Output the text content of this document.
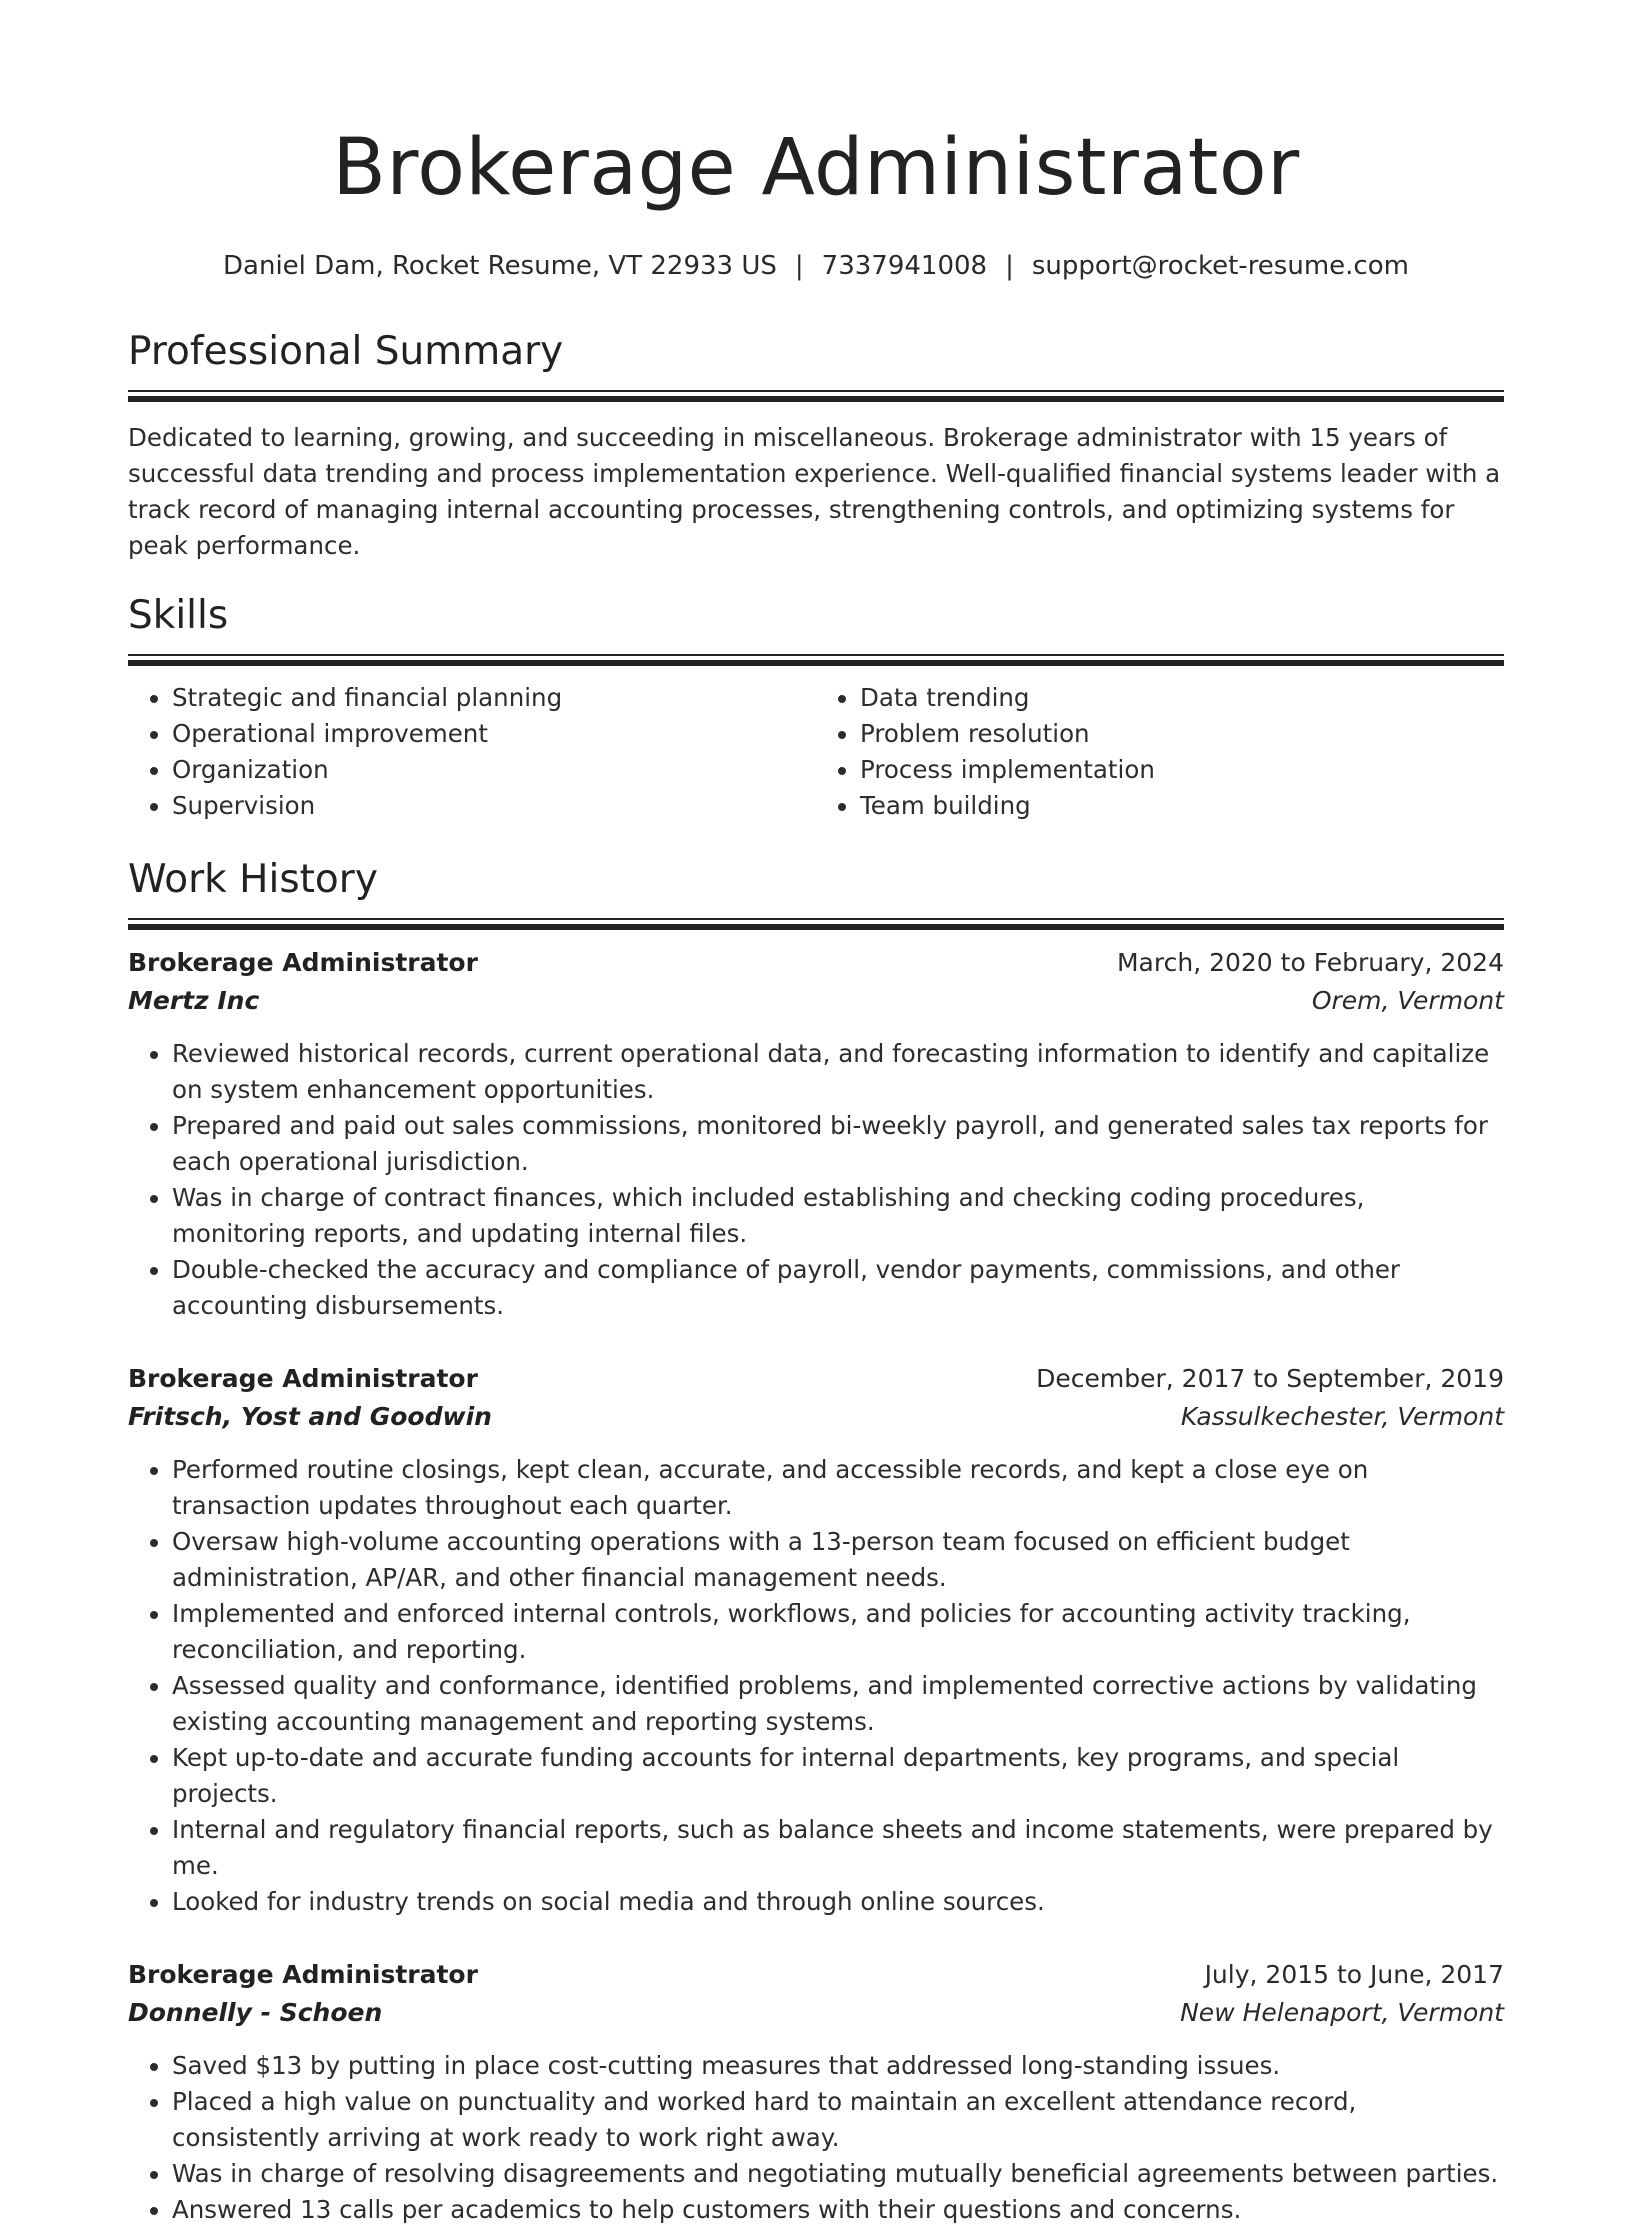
Brokerage Administrator
Daniel Dam, Rocket Resume, VT 22933 US | 7337941008 | support@rocket-resume.com
Professional Summary

Dedicated to learning, growing, and succeeding in miscellaneous. Brokerage administrator with 15 years of successful data trending and process implementation experience. Well-qualified financial systems leader with a track record of managing internal accounting processes, strengthening controls, and optimizing systems for peak performance.

Skills
• Strategic and financial planning
• Operational improvement
• Organization
• Supervision
• Data trending
• Problem resolution
• Process implementation
• Team building
Work History
Brokerage Administrator	March, 2020 to February, 2024
Mertz Inc	Orem, Vermont
• Reviewed historical records, current operational data, and forecasting information to identify and capitalize on system enhancement opportunities.
• Prepared and paid out sales commissions, monitored bi-weekly payroll, and generated sales tax reports for each operational jurisdiction.
• Was in charge of contract finances, which included establishing and checking coding procedures, monitoring reports, and updating internal files.
• Double-checked the accuracy and compliance of payroll, vendor payments, commissions, and other accounting disbursements.
Brokerage Administrator	December, 2017 to September, 2019
Fritsch, Yost and Goodwin	Kassulkechester, Vermont
• Performed routine closings, kept clean, accurate, and accessible records, and kept a close eye on transaction updates throughout each quarter.
• Oversaw high-volume accounting operations with a 13-person team focused on efficient budget administration, AP/AR, and other financial management needs.
• Implemented and enforced internal controls, workflows, and policies for accounting activity tracking, reconciliation, and reporting.
• Assessed quality and conformance, identified problems, and implemented corrective actions by validating existing accounting management and reporting systems.
• Kept up-to-date and accurate funding accounts for internal departments, key programs, and special projects.
• Internal and regulatory financial reports, such as balance sheets and income statements, were prepared by me.
• Looked for industry trends on social media and through online sources.
Brokerage Administrator	July, 2015 to June, 2017
Donnelly - Schoen	New Helenaport, Vermont
• Saved $13 by putting in place cost-cutting measures that addressed long-standing issues.
• Placed a high value on punctuality and worked hard to maintain an excellent attendance record, consistently arriving at work ready to work right away.
• Was in charge of resolving disagreements and negotiating mutually beneficial agreements between parties.
• Answered 13 calls per academics to help customers with their questions and concerns.
